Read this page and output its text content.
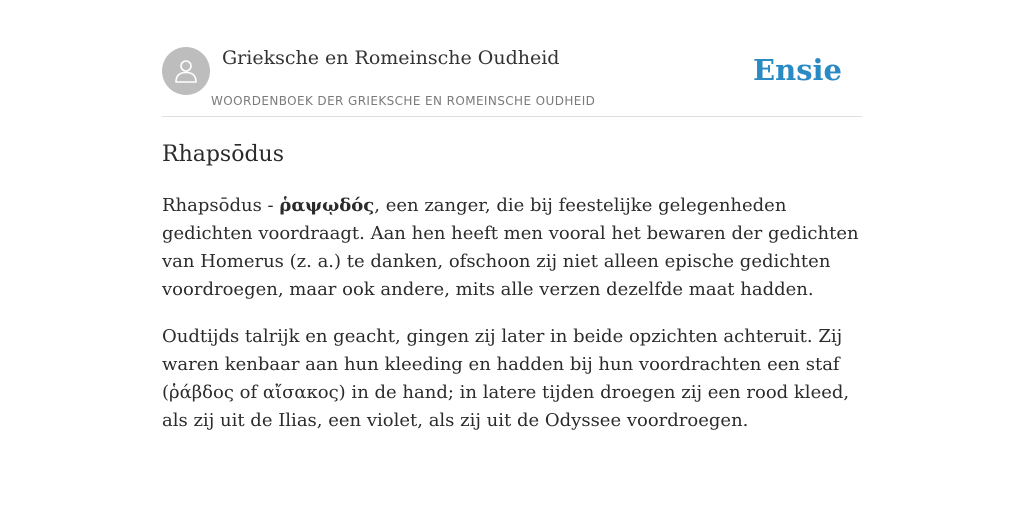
Grieksche en Romeinsche Oudheid
WOORDENBOEK DER GRIEKSCHE EN ROMEINSCHE OUDHEID
Ensie
Rhapsōdus

Rhapsōdus - ῥαψῳδός, een zanger, die bij feestelijke gelegenheden gedichten voordraagt. Aan hen heeft men vooral het bewaren der gedichten van Homerus (z. a.) te danken, ofschoon zij niet alleen epische gedichten voordroegen, maar ook andere, mits alle verzen dezelfde maat hadden.

Oudtijds talrijk en geacht, gingen zij later in beide opzichten achteruit. Zij waren kenbaar aan hun kleeding en hadden bij hun voordrachten een staf (ῥάβδος of αἴσακος) in de hand; in latere tijden droegen zij een rood kleed, als zij uit de Ilias, een violet, als zij uit de Odyssee voordroegen.
